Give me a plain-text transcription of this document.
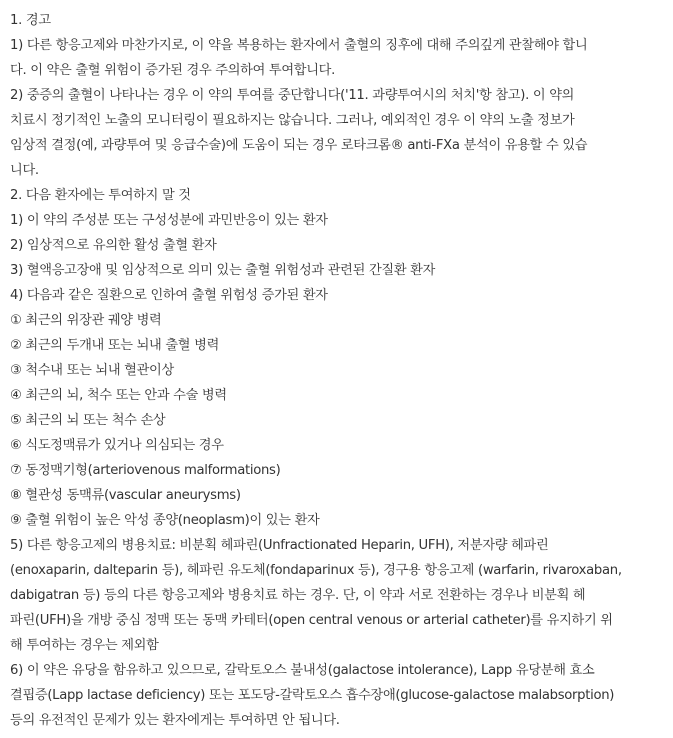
1. 경고
1) 다른 항응고제와 마찬가지로, 이 약을 복용하는 환자에서 출혈의 징후에 대해 주의깊게 관찰해야 합니
다. 이 약은 출혈 위험이 증가된 경우 주의하여 투여합니다.
2) 중증의 출혈이 나타나는 경우 이 약의 투여를 중단합니다('11. 과량투여시의 처치'항 참고). 이 약의
치료시 정기적인 노출의 모니터링이 필요하지는 않습니다. 그러나, 예외적인 경우 이 약의 노출 정보가
임상적 결정(예, 과량투여 및 응급수술)에 도움이 되는 경우 로타크롬® anti-FXa 분석이 유용할 수 있습
니다.
2. 다음 환자에는 투여하지 말 것
1) 이 약의 주성분 또는 구성성분에 과민반응이 있는 환자
2) 임상적으로 유의한 활성 출혈 환자
3) 혈액응고장애 및 임상적으로 의미 있는 출혈 위험성과 관련된 간질환 환자
4) 다음과 같은 질환으로 인하여 출혈 위험성 증가된 환자
① 최근의 위장관 궤양 병력
② 최근의 두개내 또는 뇌내 출혈 병력
③ 척수내 또는 뇌내 혈관이상
④ 최근의 뇌, 척수 또는 안과 수술 병력
⑤ 최근의 뇌 또는 척수 손상
⑥ 식도정맥류가 있거나 의심되는 경우
⑦ 동정맥기형(arteriovenous malformations)
⑧ 혈관성 동맥류(vascular aneurysms)
⑨ 출혈 위험이 높은 악성 종양(neoplasm)이 있는 환자
5) 다른 항응고제의 병용치료: 비분획 헤파린(Unfractionated Heparin, UFH), 저분자량 헤파린
(enoxaparin, dalteparin 등), 헤파린 유도체(fondaparinux 등), 경구용 항응고제 (warfarin, rivaroxaban,
dabigatran 등) 등의 다른 항응고제와 병용치료 하는 경우. 단, 이 약과 서로 전환하는 경우나 비분획 헤
파린(UFH)을 개방 중심 정맥 또는 동맥 카테터(open central venous or arterial catheter)를 유지하기 위
해 투여하는 경우는 제외함
6) 이 약은 유당을 함유하고 있으므로, 갈락토오스 불내성(galactose intolerance), Lapp 유당분해 효소
결핍증(Lapp lactase deficiency) 또는 포도당-갈락토오스 흡수장애(glucose-galactose malabsorption)
등의 유전적인 문제가 있는 환자에게는 투여하면 안 됩니다.
